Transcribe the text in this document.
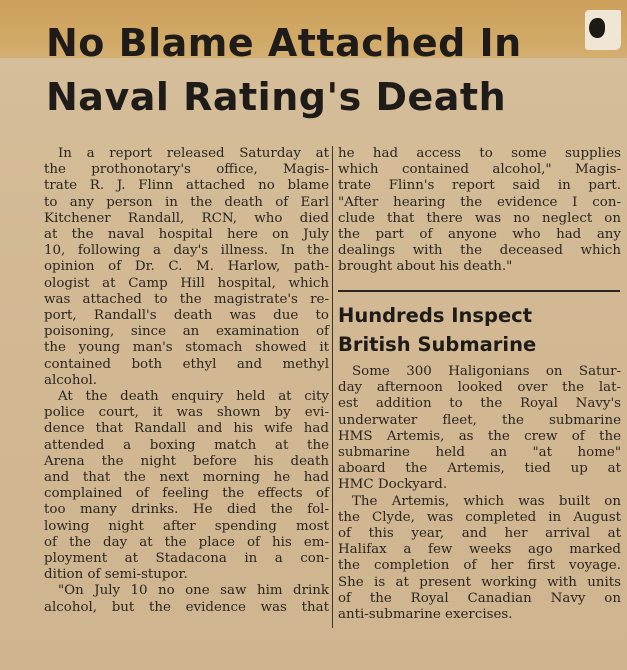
No Blame Attached In
Naval Rating's Death

In a report released Saturday at

the prothonotary's office, Magis-

trate R. J. Flinn attached no blame

to any person in the death of Earl

Kitchener Randall, RCN, who died

at the naval hospital here on July

10, following a day's illness. In the

opinion of Dr. C. M. Harlow, path-

ologist at Camp Hill hospital, which

was attached to the magistrate's re-

port, Randall's death was due to

poisoning, since an examination of

the young man's stomach showed it

contained both ethyl and methyl

alcohol.

At the death enquiry held at city

police court, it was shown by evi-

dence that Randall and his wife had

attended a boxing match at the

Arena the night before his death

and that the next morning he had

complained of feeling the effects of

too many drinks. He died the fol-

lowing night after spending most

of the day at the place of his em-

ployment at Stadacona in a con-

dition of semi-stupor.

"On July 10 no one saw him drink

alcohol, but the evidence was that

he had access to some supplies

which contained alcohol," Magis-

trate Flinn's report said in part.

"After hearing the evidence I con-

clude that there was no neglect on

the part of anyone who had any

dealings with the deceased which

brought about his death."

Hundreds Inspect
British Submarine

Some 300 Haligonians on Satur-

day afternoon looked over the lat-

est addition to the Royal Navy's

underwater fleet, the submarine

HMS Artemis, as the crew of the

submarine held an "at home"

aboard the Artemis, tied up at

HMC Dockyard.

The Artemis, which was built on

the Clyde, was completed in August

of this year, and her arrival at

Halifax a few weeks ago marked

the completion of her first voyage.

She is at present working with units

of the Royal Canadian Navy on

anti-submarine exercises.
